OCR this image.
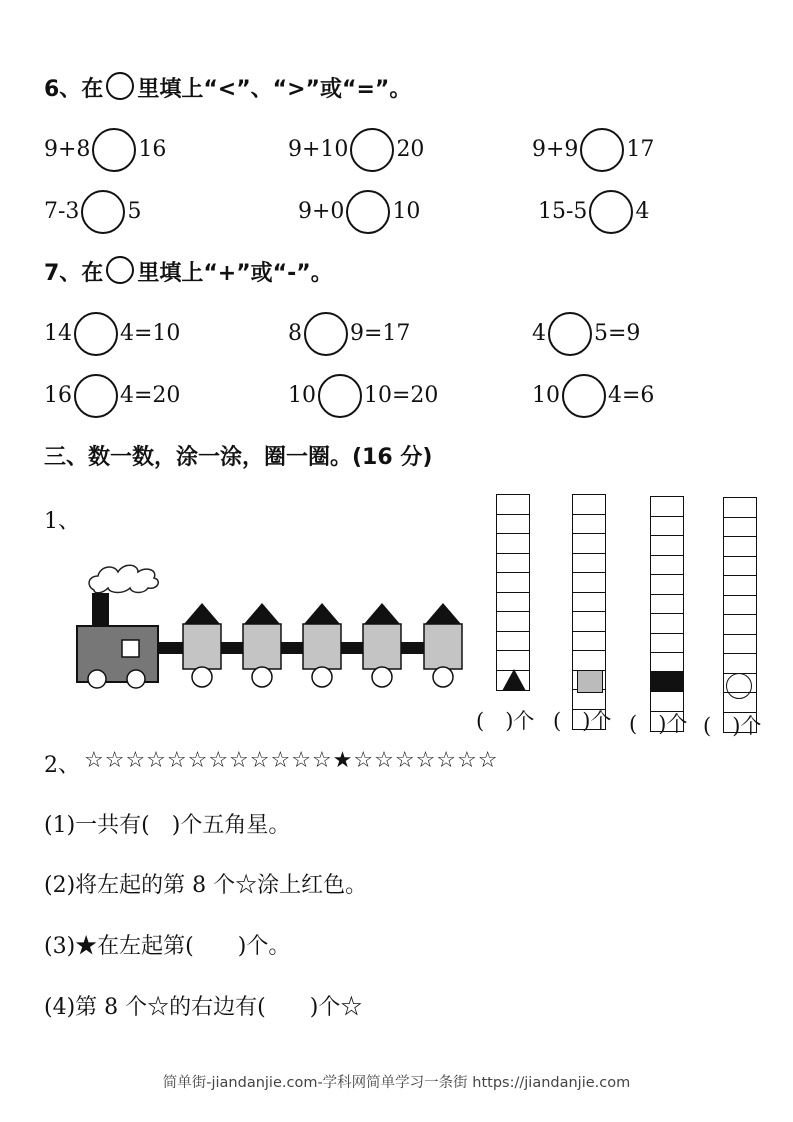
6、在 里填上“<”、“>”或“=”。
9+8 16	9+10 20	9+9 17
7-3 5	9+0 10	15-5 4
7、在 里填上“+”或“-”。
14 4=10	8 9=17	4 5=9
16 4=20	10 10=20	10 4=6
三、数一数，涂一涂，圈一圈。(16 分)
1、
(　)个 (　)个 (　)个 (　)个
2、 ☆☆☆☆☆☆☆☆☆☆☆☆★☆☆☆☆☆☆☆
(1)一共有(　)个五角星。
(2)将左起的第 8 个☆涂上红色。
(3)★在左起第(　　)个。
(4)第 8 个☆的右边有(　　)个☆
简单街-jiandanjie.com-学科网简单学习一条街 https://jiandanjie.com
